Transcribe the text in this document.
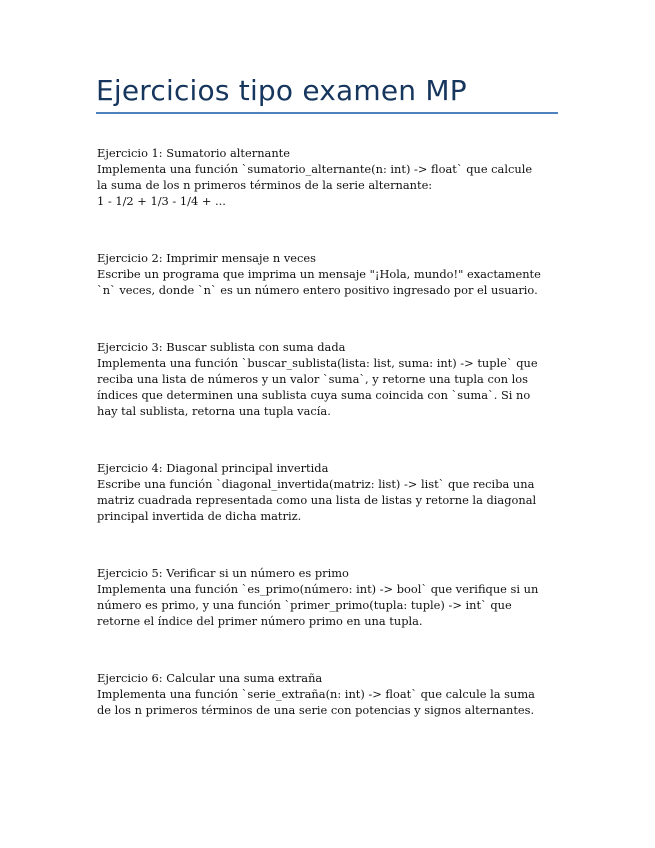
Ejercicios tipo examen MP
Ejercicio 1: Sumatorio alternante
Implementa una función `sumatorio_alternante(n: int) -> float` que calcule
la suma de los n primeros términos de la serie alternante:
1 - 1/2 + 1/3 - 1/4 + ...
Ejercicio 2: Imprimir mensaje n veces
Escribe un programa que imprima un mensaje "¡Hola, mundo!" exactamente
`n` veces, donde `n` es un número entero positivo ingresado por el usuario.
Ejercicio 3: Buscar sublista con suma dada
Implementa una función `buscar_sublista(lista: list, suma: int) -> tuple` que
reciba una lista de números y un valor `suma`, y retorne una tupla con los
índices que determinen una sublista cuya suma coincida con `suma`. Si no
hay tal sublista, retorna una tupla vacía.
Ejercicio 4: Diagonal principal invertida
Escribe una función `diagonal_invertida(matriz: list) -> list` que reciba una
matriz cuadrada representada como una lista de listas y retorne la diagonal
principal invertida de dicha matriz.
Ejercicio 5: Verificar si un número es primo
Implementa una función `es_primo(número: int) -> bool` que verifique si un
número es primo, y una función `primer_primo(tupla: tuple) -> int` que
retorne el índice del primer número primo en una tupla.
Ejercicio 6: Calcular una suma extraña
Implementa una función `serie_extraña(n: int) -> float` que calcule la suma
de los n primeros términos de una serie con potencias y signos alternantes.
